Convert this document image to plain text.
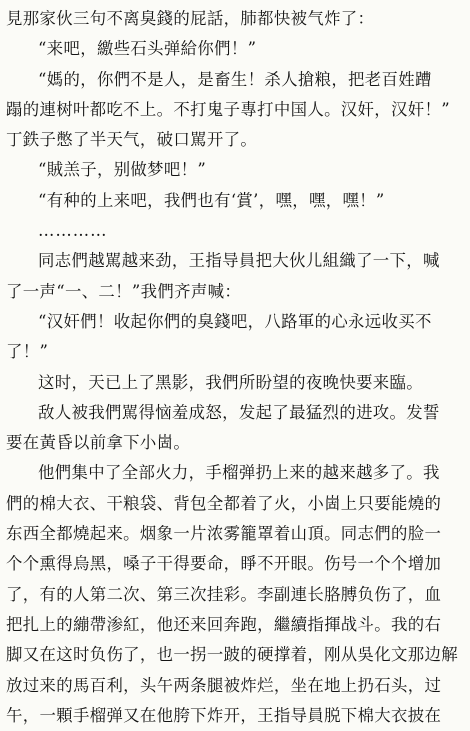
見那家伙三句不离臭錢的屁話，肺都快被气炸了：
“来吧，繳些石头弹給你們！”
“媽的，你們不是人，是畜生！杀人搶粮，把老百姓蹧
蹋的連树叶都吃不上。不打鬼子專打中国人。汉奸，汉奸！”
丁鉄子憋了半天气，破口駡开了。
“賊羔子，别做梦吧！”
“有种的上来吧，我們也有‘賞’，嘿，嘿，嘿！”
…………
同志們越駡越来劲，王指导員把大伙儿組織了一下，喊
了一声“一、二！”我們齐声喊：
“汉奸們！收起你們的臭錢吧，八路軍的心永远收买不
了！”
这时，天已上了黑影，我們所盼望的夜晚快要来臨。
敌人被我們駡得恼羞成怒，发起了最猛烈的进攻。发誓
要在黃昏以前拿下小崮。
他們集中了全部火力，手榴弹扔上来的越来越多了。我
們的棉大衣、干粮袋、背包全都着了火，小崮上只要能燒的
东西全都燒起来。烟象一片浓雾籠罩着山頂。同志們的脸一
个个熏得烏黑，嗓子干得要命，睜不开眼。伤号一个个增加
了，有的人第二次、第三次挂彩。李副連长胳膊负伤了，血
把扎上的繃帶渗紅，他还来回奔跑，繼續指揮战斗。我的右
脚又在这时负伤了，也一拐一跛的硬撑着，刚从吳化文那边解
放过来的馬百利，头午两条腿被炸烂，坐在地上扔石头，过
午，一顆手榴弹又在他胯下炸开，王指导員脱下棉大衣披在
